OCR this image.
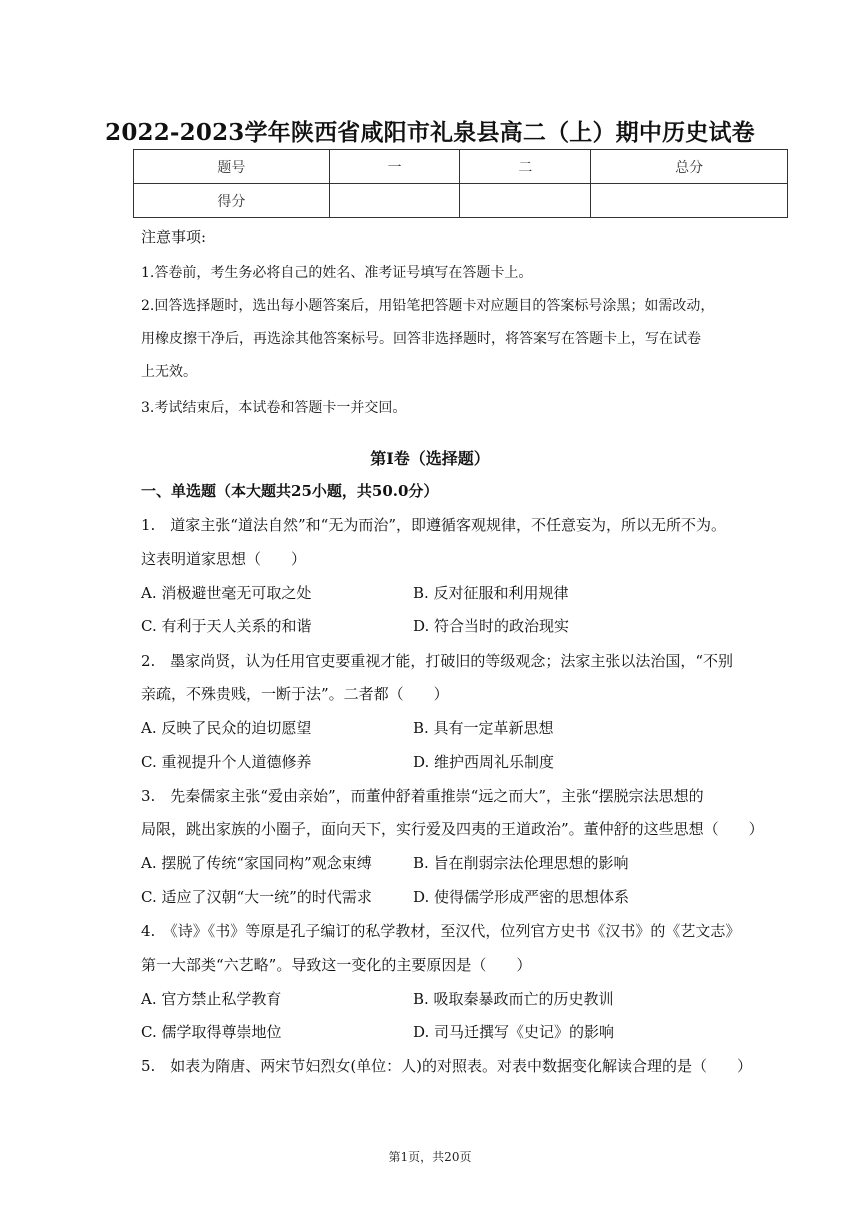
2022-2023学年陕西省咸阳市礼泉县高二（上）期中历史试卷
题号	一	二	总分
得分			
注意事项:
1.答卷前，考生务必将自己的姓名、准考证号填写在答题卡上。
2.回答选择题时，选出每小题答案后，用铅笔把答题卡对应题目的答案标号涂黑；如需改动，
用橡皮擦干净后，再选涂其他答案标号。回答非选择题时，将答案写在答题卡上，写在试卷
上无效。
3.考试结束后，本试卷和答题卡一并交回。
第I卷（选择题）
一、单选题（本大题共25小题，共50.0分）
1.　道家主张“道法自然”和“无为而治”，即遵循客观规律，不任意妄为，所以无所不为。
这表明道家思想（　　）
A. 消极避世毫无可取之处	B. 反对征服和利用规律
C. 有利于天人关系的和谐	D. 符合当时的政治现实
2.　墨家尚贤，认为任用官吏要重视才能，打破旧的等级观念；法家主张以法治国，“不别
亲疏，不殊贵贱，一断于法”。二者都（　　）
A. 反映了民众的迫切愿望	B. 具有一定革新思想
C. 重视提升个人道德修养	D. 维护西周礼乐制度
3.　先秦儒家主张“爱由亲始”，而董仲舒着重推崇“远之而大”，主张“摆脱宗法思想的
局限，跳出家族的小圈子，面向天下，实行爱及四夷的王道政治”。董仲舒的这些思想（　　）
A. 摆脱了传统“家国同构”观念束缚	B. 旨在削弱宗法伦理思想的影响
C. 适应了汉朝“大一统”的时代需求	D. 使得儒学形成严密的思想体系
4.　《诗》《书》等原是孔子编订的私学教材，至汉代，位列官方史书《汉书》的《艺文志》
第一大部类“六艺略”。导致这一变化的主要原因是（　　）
A. 官方禁止私学教育	B. 吸取秦暴政而亡的历史教训
C. 儒学取得尊崇地位	D. 司马迁撰写《史记》的影响
5.　如表为隋唐、两宋节妇烈女(单位：人)的对照表。对表中数据变化解读合理的是（　　）
第1页，共20页
